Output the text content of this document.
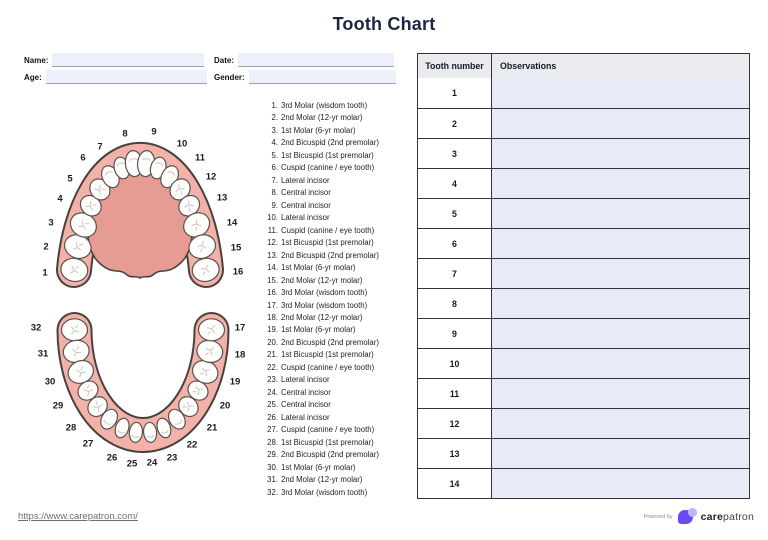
Tooth Chart
Name:	Date:
Age:	Gender:
1
2
3
4
5
6
7
8 9
10
11
12
13
14
15
16
17
18
19
20
21
22
23
24
25
26
27
28
29
30
31
32
1. 3rd Molar (wisdom tooth)
2. 2nd Molar (12-yr molar)
3. 1st Molar (6-yr molar)
4. 2nd Bicuspid (2nd premolar)
5. 1st Bicuspid (1st premolar)
6. Cuspid (canine / eye tooth)
7. Lateral incisor
8. Central incisor
9. Central incisor
10. Lateral incisor
11. Cuspid (canine / eye tooth)
12. 1st Bicuspid (1st premolar)
13. 2nd Bicuspid (2nd premolar)
14. 1st Molar (6-yr molar)
15. 2nd Molar (12-yr molar)
16. 3rd Molar (wisdom tooth)
17. 3rd Molar (wisdom tooth)
18. 2nd Molar (12-yr molar)
19. 1st Molar (6-yr molar)
20. 2nd Bicuspid (2nd premolar)
21. 1st Bicuspid (1st premolar)
22. Cuspid (canine / eye tooth)
23. Lateral incisor
24. Central incisor
25. Central incisor
26. Lateral incisor
27. Cuspid (canine / eye tooth)
28. 1st Bicuspid (1st premolar)
29. 2nd Bicuspid (2nd premolar)
30. 1st Molar (6-yr molar)
31. 2nd Molar (12-yr molar)
32. 3rd Molar (wisdom tooth)
Tooth number	Observations
1
2
3
4
5
6
7
8
9
10
11
12
13
14
https://www.carepatron.com/	Powered by	carepatron
